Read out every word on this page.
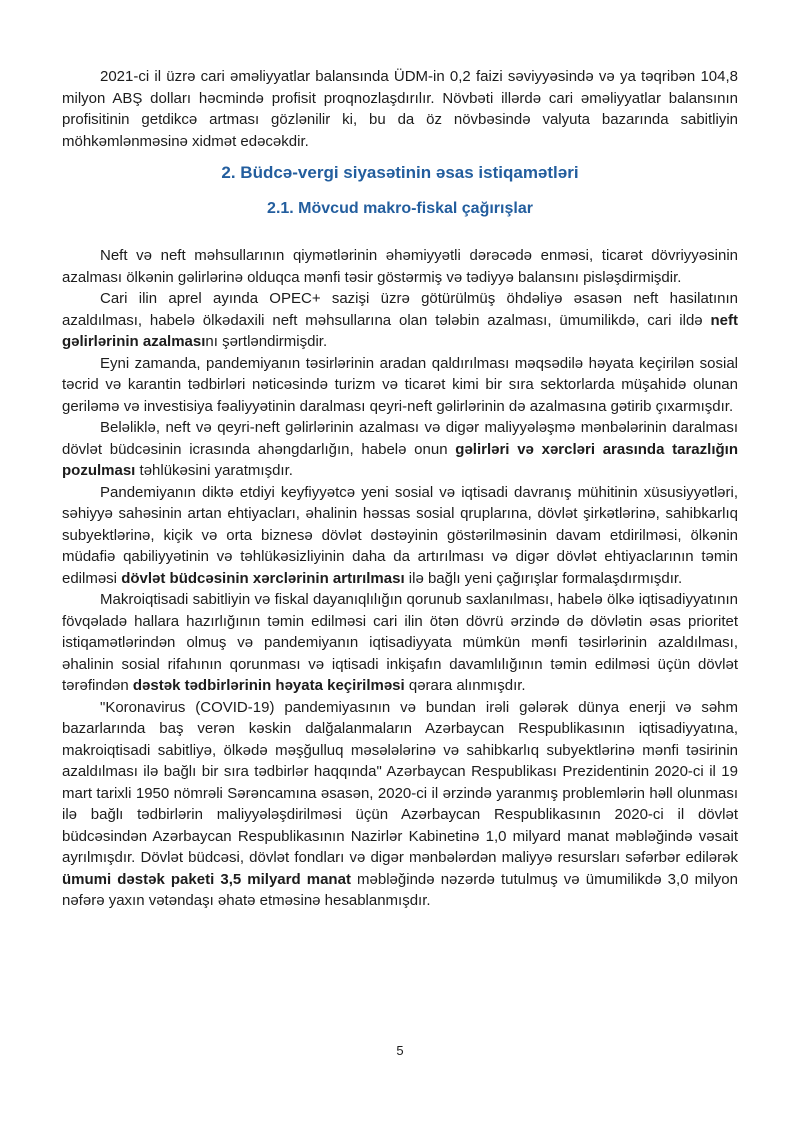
2021-ci il üzrə cari əməliyyatlar balansında ÜDM-in 0,2 faizi səviyyəsində və ya təqribən 104,8 milyon ABŞ dolları həcmində profisit proqnozlaşdırılır. Növbəti illərdə cari əməliyyatlar balansının profisitinin getdikcə artması gözlənilir ki, bu da öz növbəsində valyuta bazarında sabitliyin möhkəmlənməsinə xidmət edəcəkdir.

2. Büdcə-vergi siyasətinin əsas istiqamətləri
2.1. Mövcud makro-fiskal çağırışlar

Neft və neft məhsullarının qiymətlərinin əhəmiyyətli dərəcədə enməsi, ticarət dövriyyəsinin azalması ölkənin gəlirlərinə olduqca mənfi təsir göstərmiş və tədiyyə balansını pisləşdirmişdir.

Cari ilin aprel ayında OPEC+ sazişi üzrə götürülmüş öhdəliyə əsasən neft hasilatının azaldılması, habelə ölkədaxili neft məhsullarına olan tələbin azalması, ümumilikdə, cari ildə neft gəlirlərinin azalmasını şərtləndirmişdir.

Eyni zamanda, pandemiyanın təsirlərinin aradan qaldırılması məqsədilə həyata keçirilən sosial təcrid və karantin tədbirləri nəticəsində turizm və ticarət kimi bir sıra sektorlarda müşahidə olunan geriləmə və investisiya fəaliyyətinin daralması qeyri-neft gəlirlərinin də azalmasına gətirib çıxarmışdır.

Beləliklə, neft və qeyri-neft gəlirlərinin azalması və digər maliyyələşmə mənbələrinin daralması dövlət büdcəsinin icrasında ahəngdarlığın, habelə onun gəlirləri və xərcləri arasında tarazlığın pozulması təhlükəsini yaratmışdır.

Pandemiyanın diktə etdiyi keyfiyyətcə yeni sosial və iqtisadi davranış mühitinin xüsusiyyətləri, səhiyyə sahəsinin artan ehtiyacları, əhalinin həssas sosial qruplarına, dövlət şirkətlərinə, sahibkarlıq subyektlərinə, kiçik və orta biznesə dövlət dəstəyinin göstərilməsinin davam etdirilməsi, ölkənin müdafiə qabiliyyətinin və təhlükəsizliyinin daha da artırılması və digər dövlət ehtiyaclarının təmin edilməsi dövlət büdcəsinin xərclərinin artırılması ilə bağlı yeni çağırışlar formalaşdırmışdır.

Makroiqtisadi sabitliyin və fiskal dayanıqlılığın qorunub saxlanılması, habelə ölkə iqtisadiyyatının fövqəladə hallara hazırlığının təmin edilməsi cari ilin ötən dövrü ərzində də dövlətin əsas prioritet istiqamətlərindən olmuş və pandemiyanın iqtisadiyyata mümkün mənfi təsirlərinin azaldılması, əhalinin sosial rifahının qorunması və iqtisadi inkişafın davamlılığının təmin edilməsi üçün dövlət tərəfindən dəstək tədbirlərinin həyata keçirilməsi qərara alınmışdır.

"Koronavirus (COVID-19) pandemiyasının və bundan irəli gələrək dünya enerji və səhm bazarlarında baş verən kəskin dalğalanmaların Azərbaycan Respublikasının iqtisadiyyatına, makroiqtisadi sabitliyə, ölkədə məşğulluq məsələlərinə və sahibkarlıq subyektlərinə mənfi təsirinin azaldılması ilə bağlı bir sıra tədbirlər haqqında" Azərbaycan Respublikası Prezidentinin 2020-ci il 19 mart tarixli 1950 nömrəli Sərəncamına əsasən, 2020-ci il ərzində yaranmış problemlərin həll olunması ilə bağlı tədbirlərin maliyyələşdirilməsi üçün Azərbaycan Respublikasının 2020-ci il dövlət büdcəsindən Azərbaycan Respublikasının Nazirlər Kabinetinə 1,0 milyard manat məbləğində vəsait ayrılmışdır. Dövlət büdcəsi, dövlət fondları və digər mənbələrdən maliyyə resursları səfərbər edilərək ümumi dəstək paketi 3,5 milyard manat məbləğində nəzərdə tutulmuş və ümumilikdə 3,0 milyon nəfərə yaxın vətəndaşı əhatə etməsinə hesablanmışdır.

5
